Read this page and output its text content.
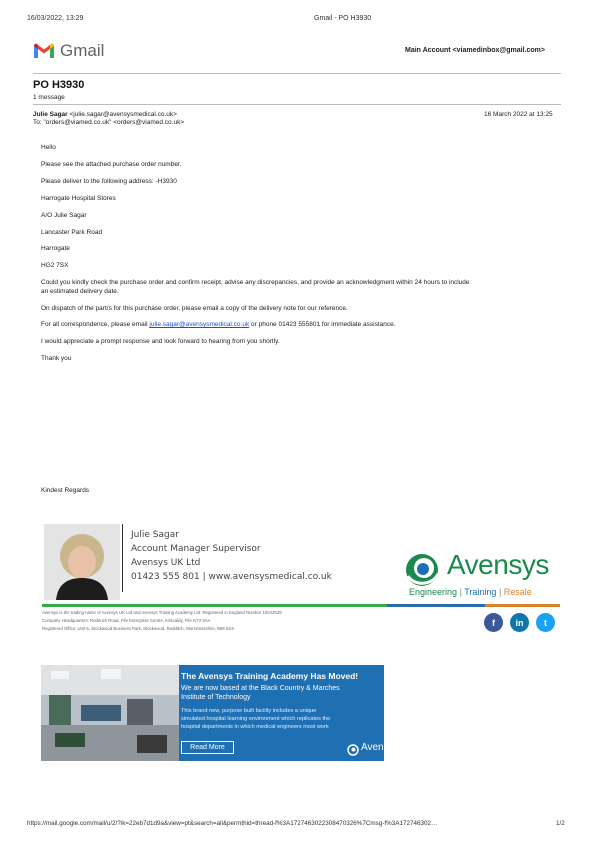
16/03/2022, 13:29	Gmail - PO H3930
Gmail	Main Account <viamedinbox@gmail.com>
PO H3930
1 message
Julie Sagar <julie.sagar@avensysmedical.co.uk>	16 March 2022 at 13:25
To: "orders@viamed.co.uk" <orders@viamed.co.uk>
Hello
Please see the attached purchase order number.
Please deliver to the following address: -H3930
Harrogate Hospital Stores
A/O Julie Sagar
Lancaster Park Road
Harrogate
HG2 7SX
Could you kindly check the purchase order and confirm receipt, advise any discrepancies, and provide an acknowledgment within 24 hours to include
an estimated delivery date.
On dispatch of the part/s for this purchase order, please email a copy of the delivery note for our reference.
For all correspondence, please email julie.sagar@avensysmedical.co.uk or phone 01423 555801 for immediate assistance.
I would appreciate a prompt response and look forward to hearing from you shortly.
Thank you
Kindest Regards
Julie Sagar
Account Manager Supervisor
Avensys UK Ltd
01423 555 801 | www.avensysmedical.co.uk	Avensys
Engineering | Training | Resale
Avensys is the trading name of Avensys UK Ltd and Avensys Training Academy Ltd. Registered in England Number 10042539
Company Headquarters: Roderick Road, Fife Enterprise Centre, Kirkcaldy, Fife KY2 5AA
Registered Office: Unit 5, Stockwood Business Park, Stockwood, Redditch, Worcestershire, B96 6SX
f	in	t
The Avensys Training Academy Has Moved!
We are now based at the Black Country & Marches
Institute of Technology
This brand new, purpose built facility includes a unique
simulated hospital learning environment which replicates the
hospital departments in which medical engineers most work
Read More	Avensys
https://mail.google.com/mail/u/2/?ik=22eb7d1d9a&view=pt&search=all&permthid=thread-f%3A1727463022308470326%7Cmsg-f%3A172746302…	1/2
